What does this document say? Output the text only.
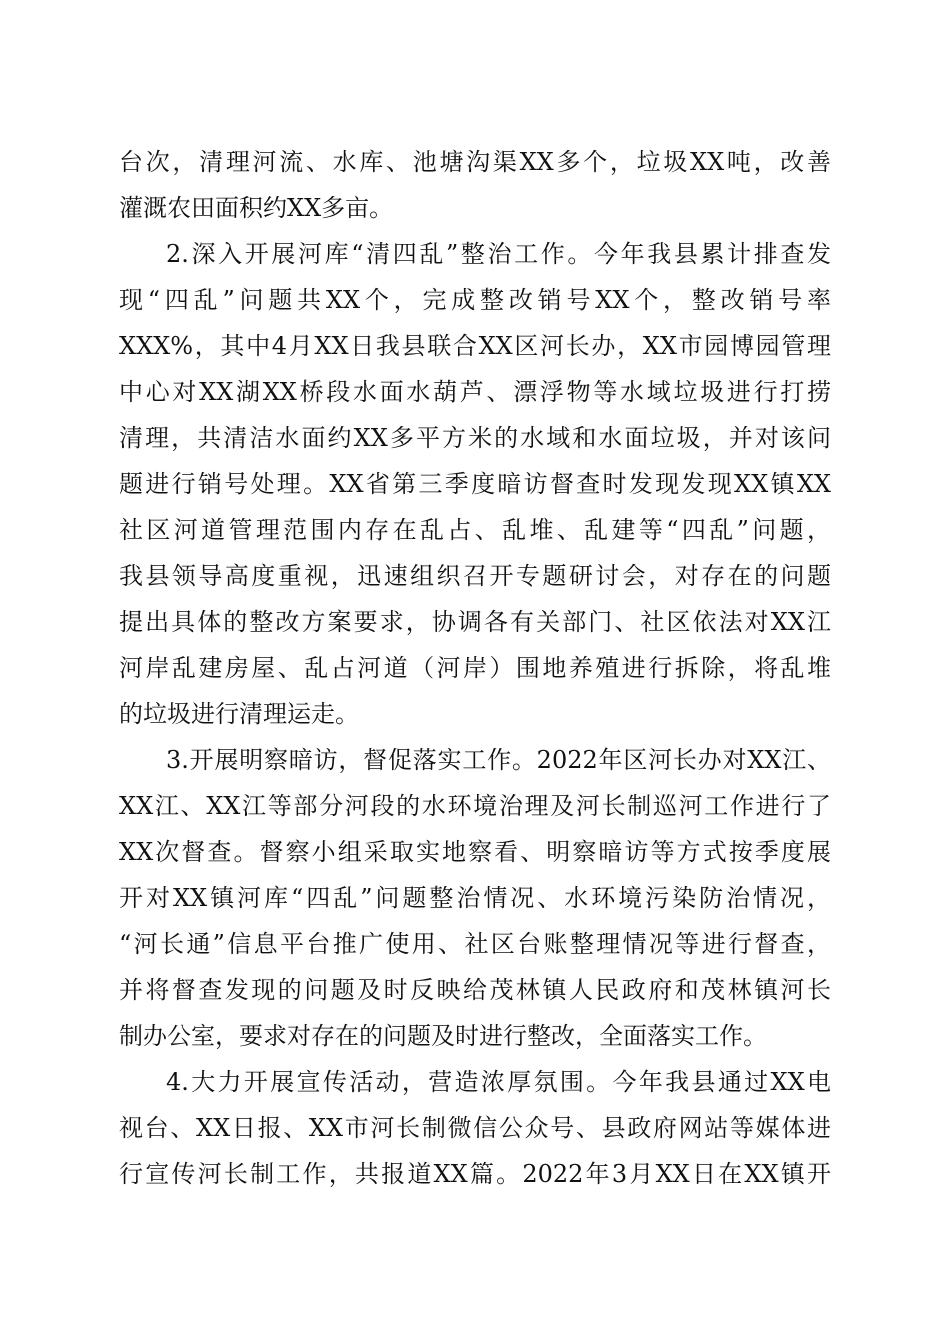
台次，清理河流、水库、池塘沟渠XX多个，垃圾XX吨，改善
灌溉农田面积约XX多亩。
2.深入开展河库“清四乱”整治工作。今年我县累计排查发
现“四乱”问题共XX个，完成整改销号XX个，整改销号率
XXX%，其中4月XX日我县联合XX区河长办，XX市园博园管理
中心对XX湖XX桥段水面水葫芦、漂浮物等水域垃圾进行打捞
清理，共清洁水面约XX多平方米的水域和水面垃圾，并对该问
题进行销号处理。XX省第三季度暗访督查时发现发现XX镇XX
社区河道管理范围内存在乱占、乱堆、乱建等“四乱”问题，
我县领导高度重视，迅速组织召开专题研讨会，对存在的问题
提出具体的整改方案要求，协调各有关部门、社区依法对XX江
河岸乱建房屋、乱占河道（河岸）围地养殖进行拆除，将乱堆
的垃圾进行清理运走。
3.开展明察暗访，督促落实工作。2022年区河长办对XX江、
XX江、XX江等部分河段的水环境治理及河长制巡河工作进行了
XX次督查。督察小组采取实地察看、明察暗访等方式按季度展
开对XX镇河库“四乱”问题整治情况、水环境污染防治情况，
“河长通”信息平台推广使用、社区台账整理情况等进行督查，
并将督查发现的问题及时反映给茂林镇人民政府和茂林镇河长
制办公室，要求对存在的问题及时进行整改，全面落实工作。
4.大力开展宣传活动，营造浓厚氛围。今年我县通过XX电
视台、XX日报、XX市河长制微信公众号、县政府网站等媒体进
行宣传河长制工作，共报道XX篇。2022年3月XX日在XX镇开
